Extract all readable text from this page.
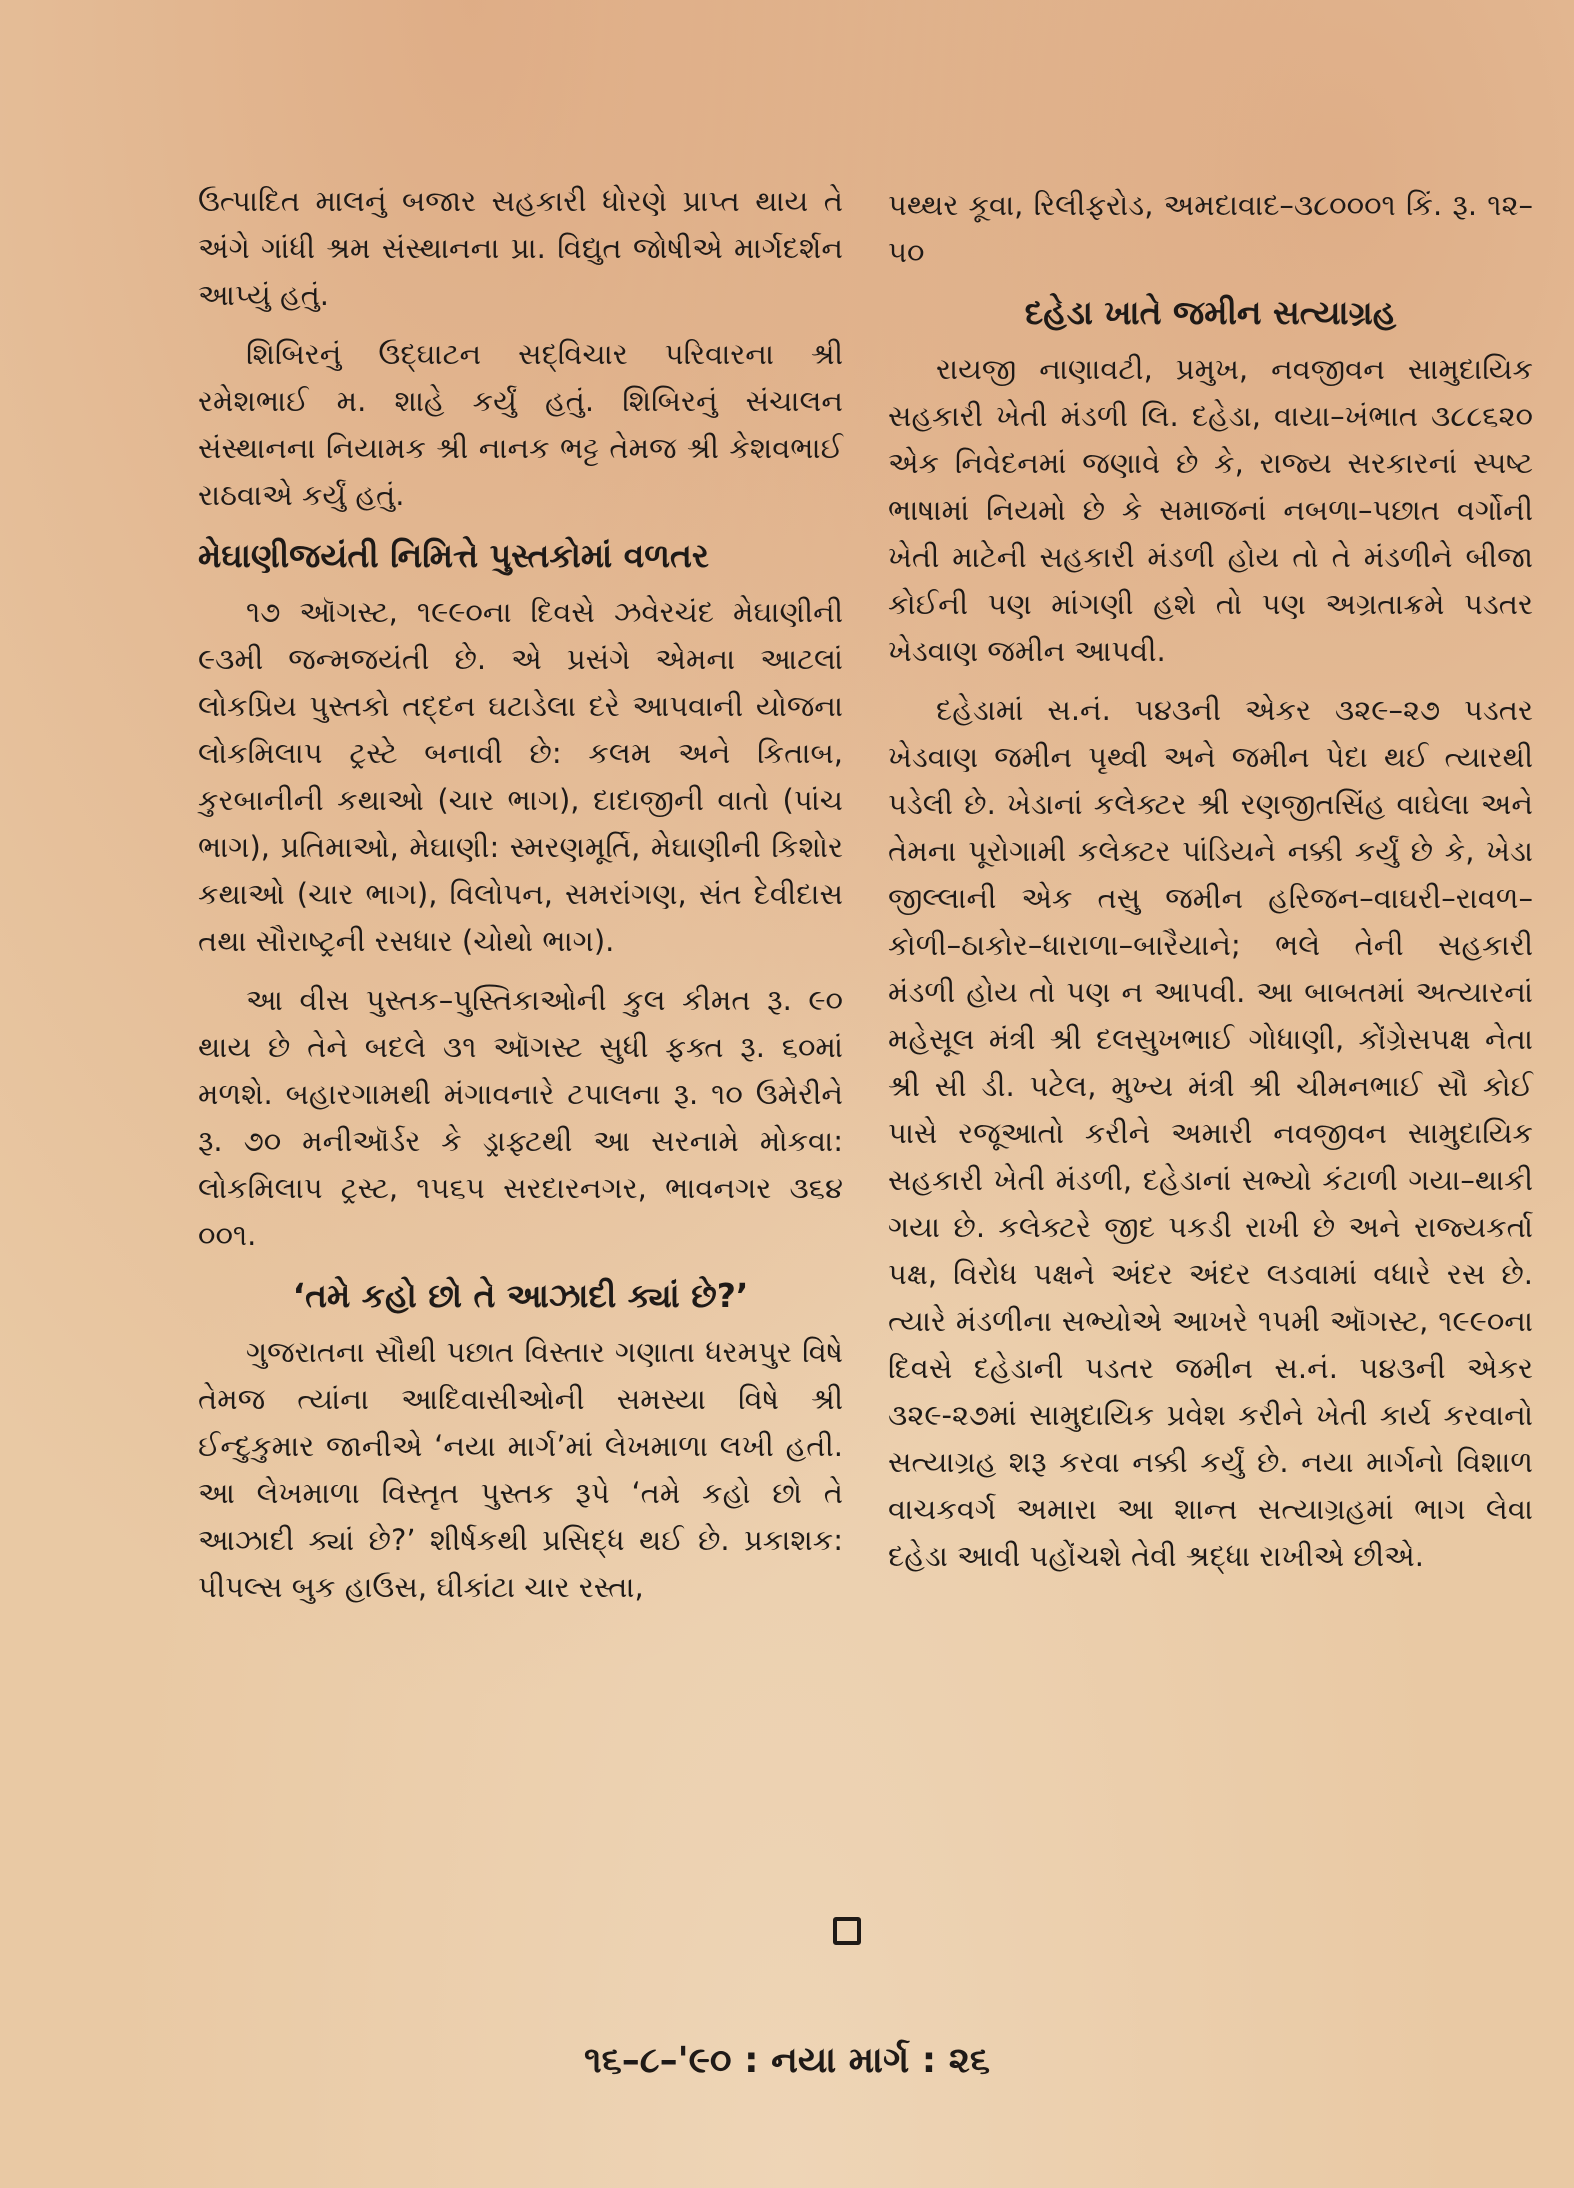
ઉત્પાદિત માલનું બજાર સહકારી ધોરણે પ્રાપ્ત થાય તે અંગે ગાંધી શ્રમ સંસ્થાનના પ્રા. વિદ્યુત જોષીએ માર્ગદર્શન આપ્યું હતું.

શિબિરનું ઉદ્ઘાટન સદ્‌વિચાર પરિવારના શ્રી રમેશભાઈ મ. શાહે કર્યું હતું. શિબિરનું સંચાલન સંસ્થાનના નિયામક શ્રી નાનક ભટ્ટ તેમજ શ્રી કેશવભાઈ રાઠવાએ કર્યું હતું.

મેઘાણીજયંતી નિમિત્તે પુસ્તકોમાં વળતર

૧૭ ઑગસ્ટ, ૧૯૯૦ના દિવસે ઝવેરચંદ મેઘાણીની ૯૩મી જન્મજયંતી છે. એ પ્રસંગે એમના આટલાં લોકપ્રિય પુસ્તકો તદ્દન ઘટાડેલા દરે આપવાની યોજના લોકમિલાપ ટ્રસ્ટે બનાવી છે: કલમ અને કિતાબ, કુરબાનીની કથાઓ (ચાર ભાગ), દાદાજીની વાતો (પાંચ ભાગ), પ્રતિમાઓ, મેઘાણી: સ્મરણમૂર્તિ, મેઘાણીની કિશોર કથાઓ (ચાર ભાગ), વિલોપન, સમરાંગણ, સંત દેવીદાસ તથા સૌરાષ્ટ્રની રસધાર (ચોથો ભાગ).

આ વીસ પુસ્તક–પુસ્તિકાઓની કુલ કીમત રૂ. ૯૦ થાય છે તેને બદલે ૩૧ ઑગસ્ટ સુધી ફક્ત રૂ. ૬૦માં મળશે. બહારગામથી મંગાવનારે ટપાલના રૂ. ૧૦ ઉમેરીને રૂ. ૭૦ મનીઑર્ડર કે ડ્રાફ્ટથી આ સરનામે મોકવા: લોકમિલાપ ટ્રસ્ટ, ૧૫૬૫ સરદારનગર, ભાવનગર ૩૬૪ ૦૦૧.

‘તમે કહો છો તે આઝાદી ક્યાં છે?’

ગુજરાતના સૌથી પછાત વિસ્તાર ગણાતા ધરમપુર વિષે તેમજ ત્યાંના આદિવાસીઓની સમસ્યા વિષે શ્રી ઈન્દુકુમાર જાનીએ ‘નયા માર્ગ’માં લેખમાળા લખી હતી. આ લેખમાળા વિસ્તૃત પુસ્તક રૂપે ‘તમે કહો છો તે આઝાદી ક્યાં છે?’ શીર્ષકથી પ્રસિદ્ધ થઈ છે. પ્રકાશક: પીપલ્સ બુક હાઉસ, ઘીકાંટા ચાર રસ્તા,

પથ્થર કૂવા, રિલીફરોડ, અમદાવાદ–૩૮૦૦૦૧ કિં. રૂ. ૧૨–૫૦

દહેડા ખાતે જમીન સત્યાગ્રહ

રાયજી નાણાવટી, પ્રમુખ, નવજીવન સામુદાયિક સહકારી ખેતી મંડળી લિ. દહેડા, વાયા–ખંભાત ૩૮૮૬૨૦ એક નિવેદનમાં જણાવે છે કે, રાજ્ય સરકારનાં સ્પષ્ટ ભાષામાં નિયમો છે કે સમાજનાં નબળા–પછાત વર્ગોની ખેતી માટેની સહકારી મંડળી હોય તો તે મંડળીને બીજા કોઈની પણ માંગણી હશે તો પણ અગ્રતાક્રમે પડતર ખેડવાણ જમીન આપવી.

દહેડામાં સ.નં. ૫૪૩ની એકર ૩૨૯–૨૭ પડતર ખેડવાણ જમીન પૃથ્વી અને જમીન પેદા થઈ ત્યારથી પડેલી છે. ખેડાનાં કલેક્ટર શ્રી રણજીતસિંહ વાઘેલા અને તેમના પૂરોગામી કલેક્ટર પાંડિયને નક્કી કર્યું છે કે, ખેડા જીલ્લાની એક તસુ જમીન હરિજન–વાઘરી–રાવળ–કોળી–ઠાકોર–ધારાળા–બારૈયાને; ભલે તેની સહકારી મંડળી હોય તો પણ ન આપવી. આ બાબતમાં અત્યારનાં મહેસૂલ મંત્રી શ્રી દલસુખભાઈ ગોધાણી, કોંગ્રેસપક્ષ નેતા શ્રી સી ડી. પટેલ, મુખ્ય મંત્રી શ્રી ચીમનભાઈ સૌ કોઈ પાસે રજૂઆતો કરીને અમારી નવજીવન સામુદાયિક સહકારી ખેતી મંડળી, દહેડાનાં સભ્યો કંટાળી ગયા–થાકી ગયા છે. કલેક્ટરે જીદ પકડી રાખી છે અને રાજ્યકર્તા પક્ષ, વિરોધ પક્ષને અંદર અંદર લડવામાં વધારે રસ છે. ત્યારે મંડળીના સભ્યોએ આખરે ૧૫મી ઑગસ્ટ, ૧૯૯૦ના દિવસે દહેડાની પડતર જમીન સ.નં. ૫૪૩ની એકર ૩૨૯-૨૭માં સામુદાયિક પ્રવેશ કરીને ખેતી કાર્ય કરવાનો સત્યાગ્રહ શરૂ કરવા નક્કી કર્યું છે. નયા માર્ગનો વિશાળ વાચકવર્ગ અમારા આ શાન્ત સત્યાગ્રહમાં ભાગ લેવા દહેડા આવી પહોંચશે તેવી શ્રદ્ધા રાખીએ છીએ.

૧૬–૮–'૯૦ : નયા માર્ગ : ૨૬
